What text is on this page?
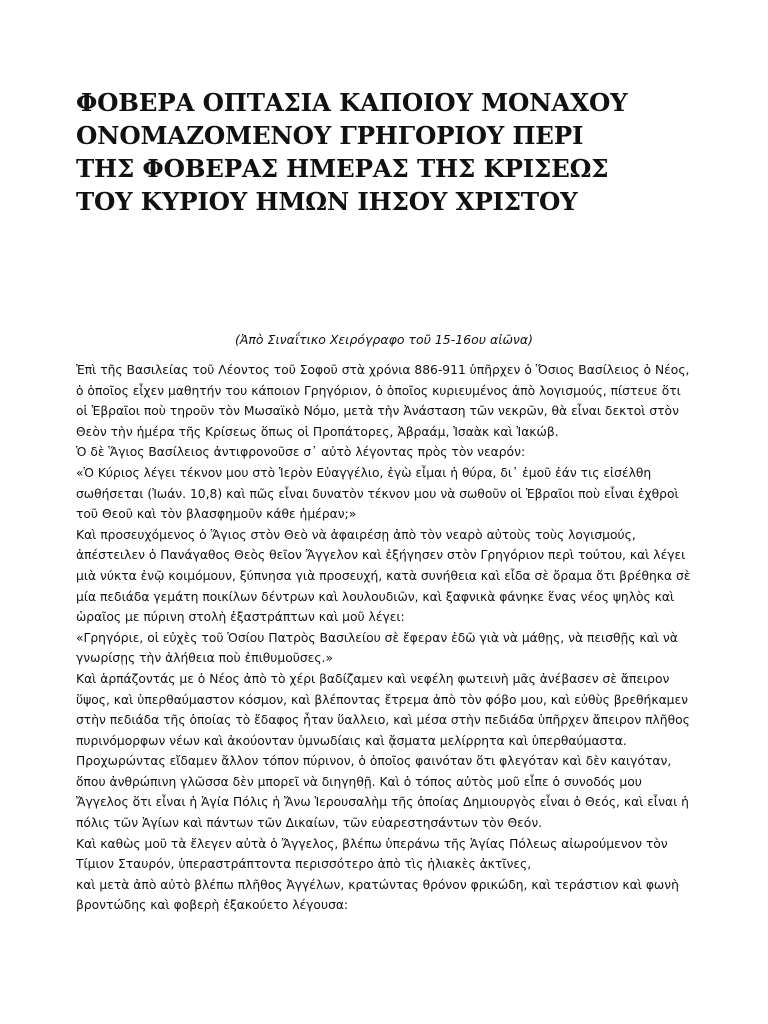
ΦΟΒΕΡΑ ΟΠΤΑΣΙΑ ΚΑΠΟΙΟΥ ΜΟΝΑΧΟΥ
ΟΝΟΜΑΖΟΜΕΝΟΥ ΓΡΗΓΟΡΙΟΥ ΠΕΡΙ
ΤΗΣ ΦΟΒΕΡΑΣ ΗΜΕΡΑΣ ΤΗΣ ΚΡΙΣΕΩΣ
ΤΟΥ ΚΥΡΙΟΥ ΗΜΩΝ ΙΗΣΟΥ ΧΡΙΣΤΟΥ

(Ἀπὸ Σιναΐτικο Χειρόγραφο τοῦ 15-16ου αἰῶνα)

Ἐπὶ τῆς Βασιλείας τοῦ Λέοντος τοῦ Σοφοῦ στὰ χρόνια 886-911 ὑπῆρχεν ὁ Ὅσιος Βασίλειος ὁ Νέος, ὁ ὁποῖος εἶχεν μαθητήν του κάποιον Γρηγόριον, ὁ ὁποῖος κυριευμένος ἀπὸ λογισμούς, πίστευε ὅτι οἱ Ἑβραῖοι ποὺ τηροῦν τὸν Μωσαϊκὸ Νόμο, μετὰ τὴν Ἀνάσταση τῶν νεκρῶν, θὰ εἶναι δεκτοὶ στὸν Θεὸν τὴν ἡμέρα τῆς Κρίσεως ὅπως οἱ Προπάτορες, Ἀβραάμ, Ἰσαὰκ καὶ Ἰακώβ.

Ὁ δὲ Ἅγιος Βασίλειος ἀντιφρονοῦσε σ᾽ αὐτὸ λέγοντας πρὸς τὸν νεαρόν:

«Ὁ Κύριος λέγει τέκνον μου στὸ Ἱερὸν Εὐαγγέλιο, ἐγὼ εἶμαι ἡ θύρα, δι᾽ ἐμοῦ ἐάν τις εἰσέλθη σωθήσεται (Ἰωάν. 10,8) καὶ πῶς εἶναι δυνατὸν τέκνον μου νὰ σωθοῦν οἱ Ἑβραῖοι ποὺ εἶναι ἐχθροὶ τοῦ Θεοῦ καὶ τὸν βλασφημοῦν κάθε ἡμέραν;»

Καὶ προσευχόμενος ὁ Ἅγιος στὸν Θεὸ νὰ ἀφαιρέσῃ ἀπὸ τὸν νεαρὸ αὐτοὺς τοὺς λογισμούς, ἀπέστειλεν ὁ Πανάγαθος Θεὸς θεῖον Ἄγγελον καὶ ἐξήγησεν στὸν Γρηγόριον περὶ τούτου, καὶ λέγει μιὰ νύκτα ἐνῷ κοιμόμουν, ξύπνησα γιὰ προσευχή, κατὰ συνήθεια καὶ εἶδα σὲ ὄραμα ὅτι βρέθηκα σὲ μία πεδιάδα γεμάτη ποικίλων δέντρων καὶ λουλουδιῶν, καὶ ξαφνικὰ φάνηκε ἕνας νέος ψηλὸς καὶ ὡραῖος με πύρινη στολὴ ἐξαστράπτων καὶ μοῦ λέγει:

«Γρηγόριε, οἱ εὐχὲς τοῦ Ὁσίου Πατρὸς Βασιλείου σὲ ἔφεραν ἐδῶ γιὰ νὰ μάθῃς, νὰ πεισθῇς καὶ νὰ γνωρίσῃς τὴν ἀλήθεια ποὺ ἐπιθυμοῦσες.»

Καὶ ἁρπάζοντάς με ὁ Νέος ἀπὸ τὸ χέρι βαδίζαμεν καὶ νεφέλη φωτεινὴ μᾶς ἀνέβασεν σὲ ἄπειρον ὕψος, καὶ ὑπερθαύμαστον κόσμον, καὶ βλέποντας ἔτρεμα ἀπὸ τὸν φόβο μου, καὶ εὐθὺς βρεθήκαμεν στὴν πεδιάδα τῆς ὁποίας τὸ ἔδαφος ἦταν ὕαλλειο, καὶ μέσα στὴν πεδιάδα ὑπῆρχεν ἄπειρον πλῆθος πυρινόμορφων νέων καὶ ἀκούονταν ὑμνωδίαις καὶ ᾄσματα μελίρρητα καὶ ὑπερθαύμαστα.

Προχωρώντας εἴδαμεν ἄλλον τόπον πύρινον, ὁ ὁποῖος φαινόταν ὅτι φλεγόταν καὶ δὲν καιγόταν, ὅπου ἀνθρώπινη γλῶσσα δὲν μπορεῖ νὰ διηγηθῇ. Καὶ ὁ τόπος αὐτὸς μοῦ εἶπε ὁ συνοδός μου Ἄγγελος ὅτι εἶναι ἡ Ἁγία Πόλις ἡ Ἄνω Ἱερουσαλὴμ τῆς ὁποίας Δημιουργὸς εἶναι ὁ Θεός, καὶ εἶναι ἡ πόλις τῶν Ἁγίων καὶ πάντων τῶν Δικαίων, τῶν εὐαρεστησάντων τὸν Θεόν.

Καὶ καθὼς μοῦ τὰ ἔλεγεν αὐτὰ ὁ Ἄγγελος, βλέπω ὑπεράνω τῆς Ἁγίας Πόλεως αἰωρούμενον τὸν Τίμιον Σταυρόν, ὑπεραστράπτοντα περισσότερο ἀπὸ τὶς ἡλιακὲς ἀκτῖνες,

καὶ μετὰ ἀπὸ αὐτὸ βλέπω πλῆθος Ἀγγέλων, κρατώντας θρόνον φρικώδη, καὶ τεράστιον καὶ φωνὴ βροντώδης καὶ φοβερὴ ἐξακούετο λέγουσα:
